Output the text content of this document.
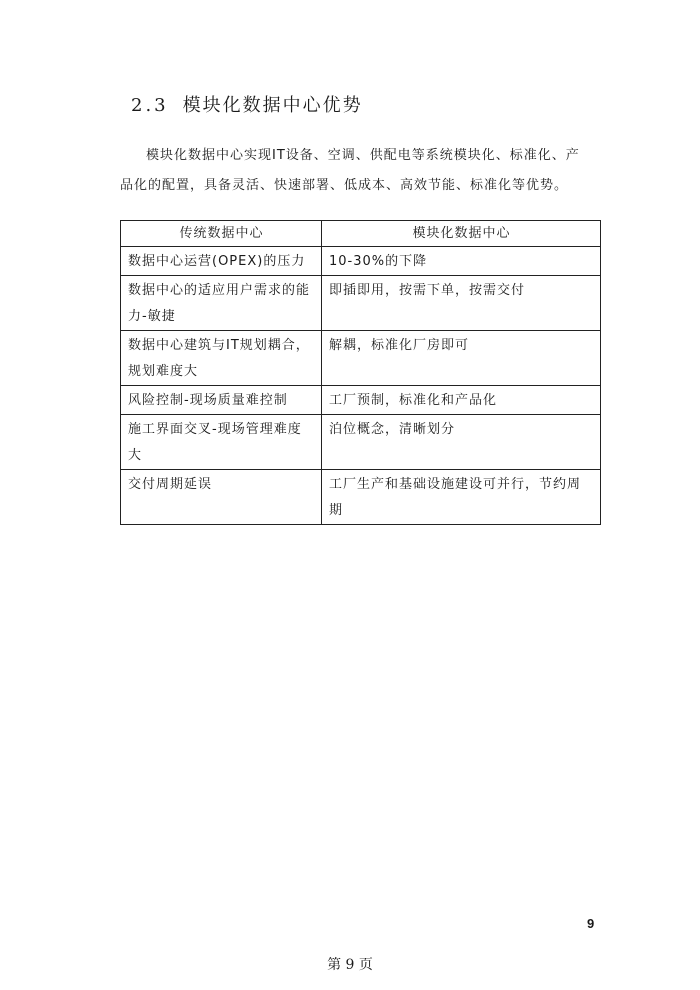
2.3 模块化数据中心优势
模块化数据中心实现IT设备、空调、供配电等系统模块化、标准化、产品化的配置，具备灵活、快速部署、低成本、高效节能、标准化等优势。
传统数据中心	模块化数据中心
数据中心运营(OPEX)的压力	10-30%的下降
数据中心的适应用户需求的能力-敏捷	即插即用，按需下单，按需交付
数据中心建筑与IT规划耦合，规划难度大	解耦，标准化厂房即可
风险控制-现场质量难控制	工厂预制，标准化和产品化
施工界面交叉-现场管理难度大	泊位概念，清晰划分
交付周期延误	工厂生产和基础设施建设可并行，节约周期
9
第 9 页
